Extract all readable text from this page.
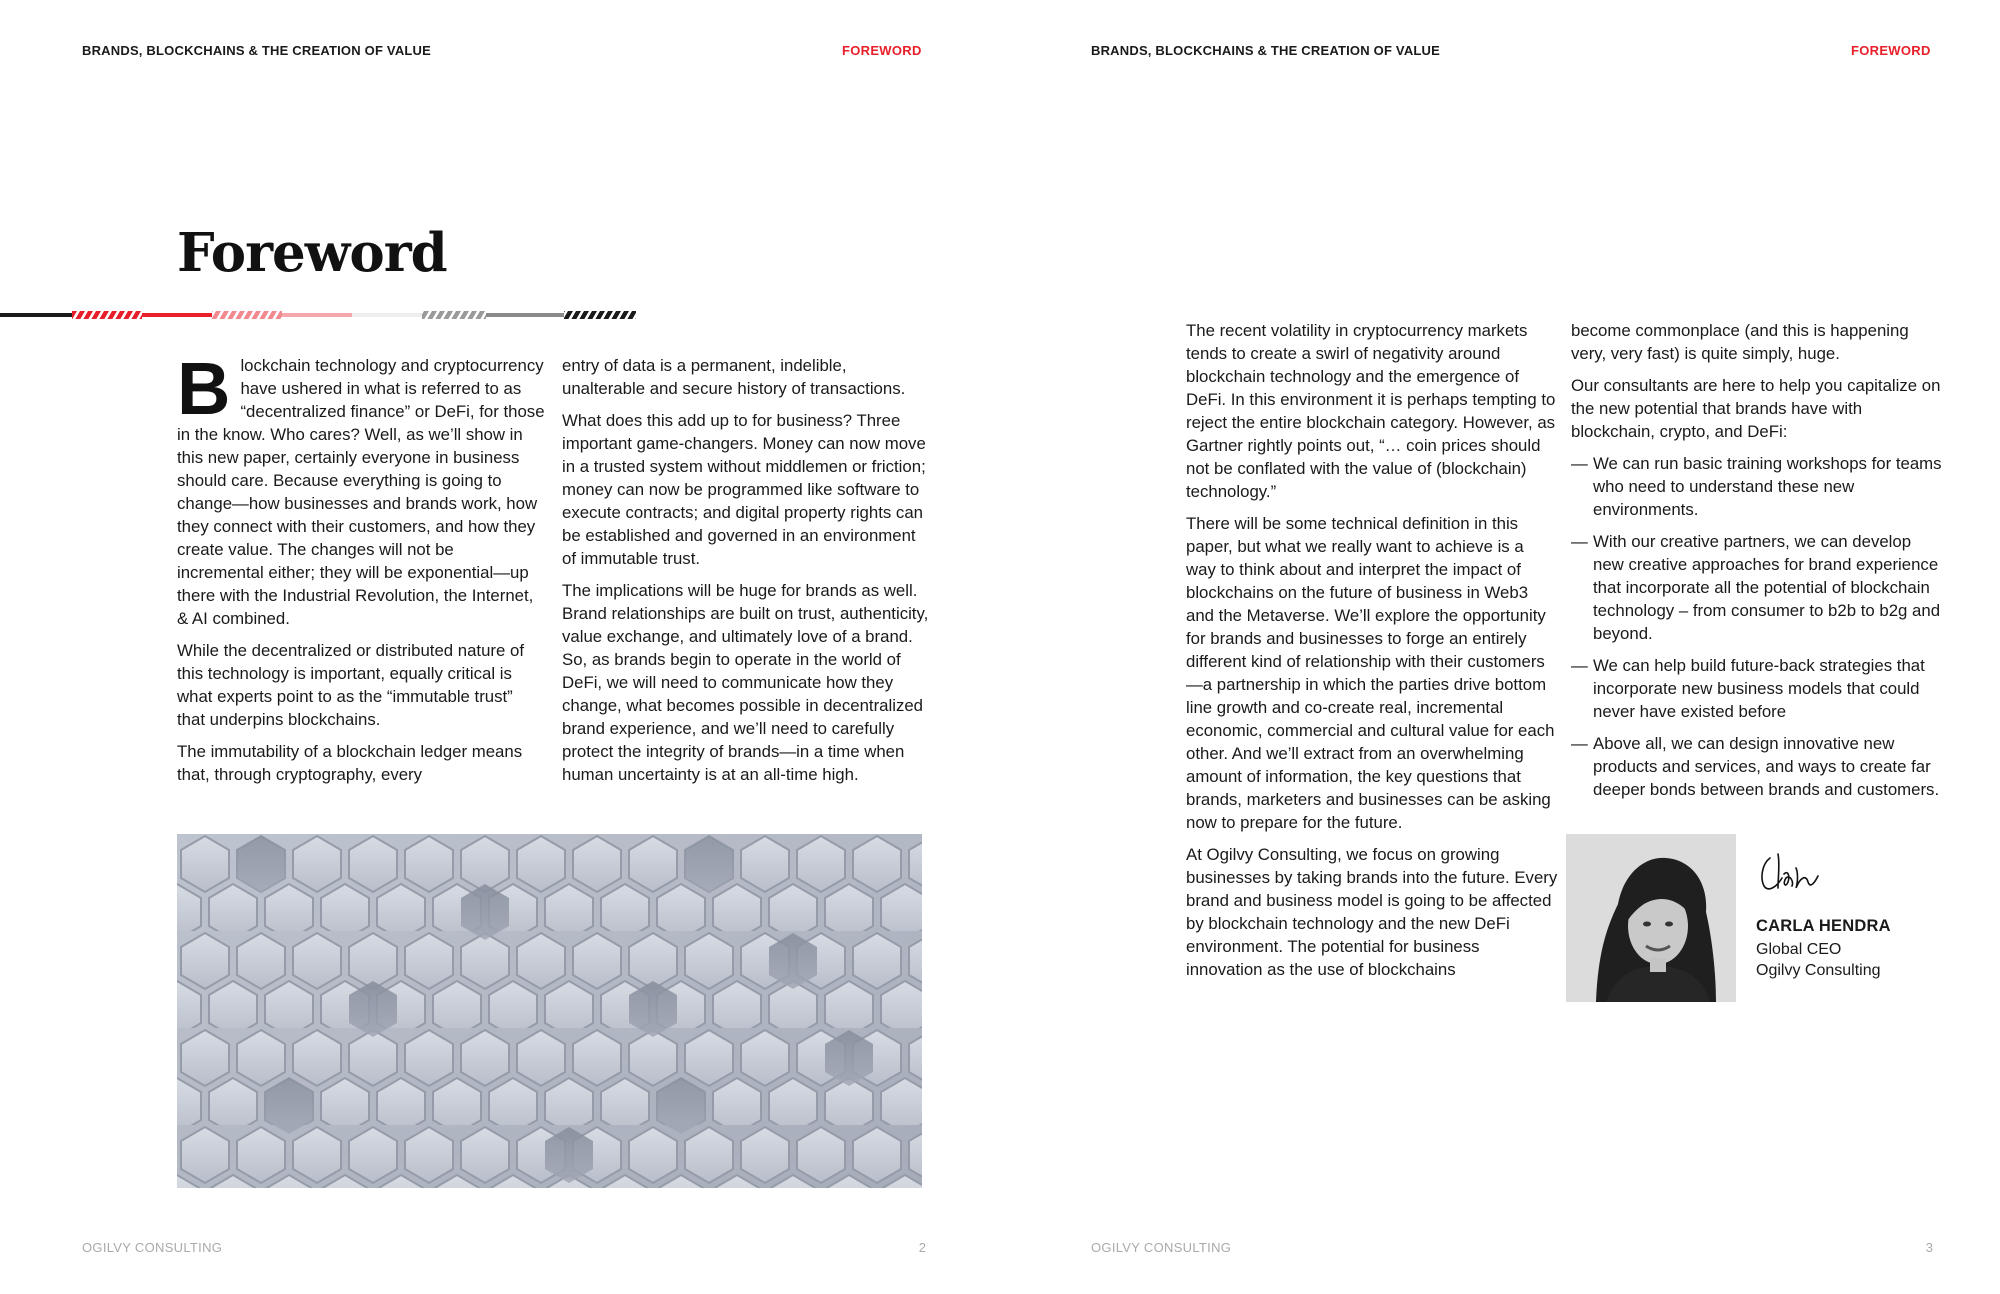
BRANDS, BLOCKCHAINS & THE CREATION OF VALUE	FOREWORD
Foreword

Blockchain technology and cryptocurrency have ushered in what is referred to as “decentralized finance” or DeFi, for those in the know. Who cares? Well, as we’ll show in this new paper, certainly everyone in business should care. Because everything is going to change—how businesses and brands work, how they connect with their customers, and how they create value. The changes will not be incremental either; they will be exponential—up there with the Industrial Revolution, the Internet, & AI combined.

While the decentralized or distributed nature of this technology is important, equally critical is what experts point to as the “immutable trust” that underpins blockchains.

The immutability of a blockchain ledger means that, through cryptography, every

entry of data is a permanent, indelible, unalterable and secure history of transactions.

What does this add up to for business? Three important game-changers. Money can now move in a trusted system without middlemen or friction; money can now be programmed like software to execute contracts; and digital property rights can be established and governed in an environment of immutable trust.

The implications will be huge for brands as well. Brand relationships are built on trust, authenticity, value exchange, and ultimately love of a brand. So, as brands begin to operate in the world of DeFi, we will need to communicate how they change, what becomes possible in decentralized brand experience, and we’ll need to carefully protect the integrity of brands—in a time when human uncertainty is at an all-time high.

OGILVY CONSULTING	2
BRANDS, BLOCKCHAINS & THE CREATION OF VALUE	FOREWORD
OGILVY CONSULTING	3

The recent volatility in cryptocurrency markets tends to create a swirl of negativity around blockchain technology and the emergence of DeFi. In this environment it is perhaps tempting to reject the entire blockchain category. However, as Gartner rightly points out, “… coin prices should not be conflated with the value of (blockchain) technology.”

There will be some technical definition in this paper, but what we really want to achieve is a way to think about and interpret the impact of blockchains on the future of business in Web3 and the Metaverse. We’ll explore the opportunity for brands and businesses to forge an entirely different kind of relationship with their customers—a partnership in which the parties drive bottom line growth and co-create real, incremental economic, commercial and cultural value for each other. And we’ll extract from an overwhelming amount of information, the key questions that brands, marketers and businesses can be asking now to prepare for the future.

At Ogilvy Consulting, we focus on growing businesses by taking brands into the future. Every brand and business model is going to be affected by blockchain technology and the new DeFi environment. The potential for business innovation as the use of blockchains

become commonplace (and this is happening very, very fast) is quite simply, huge.

Our consultants are here to help you capitalize on the new potential that brands have with blockchain, crypto, and DeFi:

— We can run basic training workshops for teams who need to understand these new environments.
— With our creative partners, we can develop new creative approaches for brand experience that incorporate all the potential of blockchain technology – from consumer to b2b to b2g and beyond.
— We can help build future-back strategies that incorporate new business models that could never have existed before
— Above all, we can design innovative new products and services, and ways to create far deeper bonds between brands and customers.
CARLA HENDRA
Global CEO
Ogilvy Consulting
